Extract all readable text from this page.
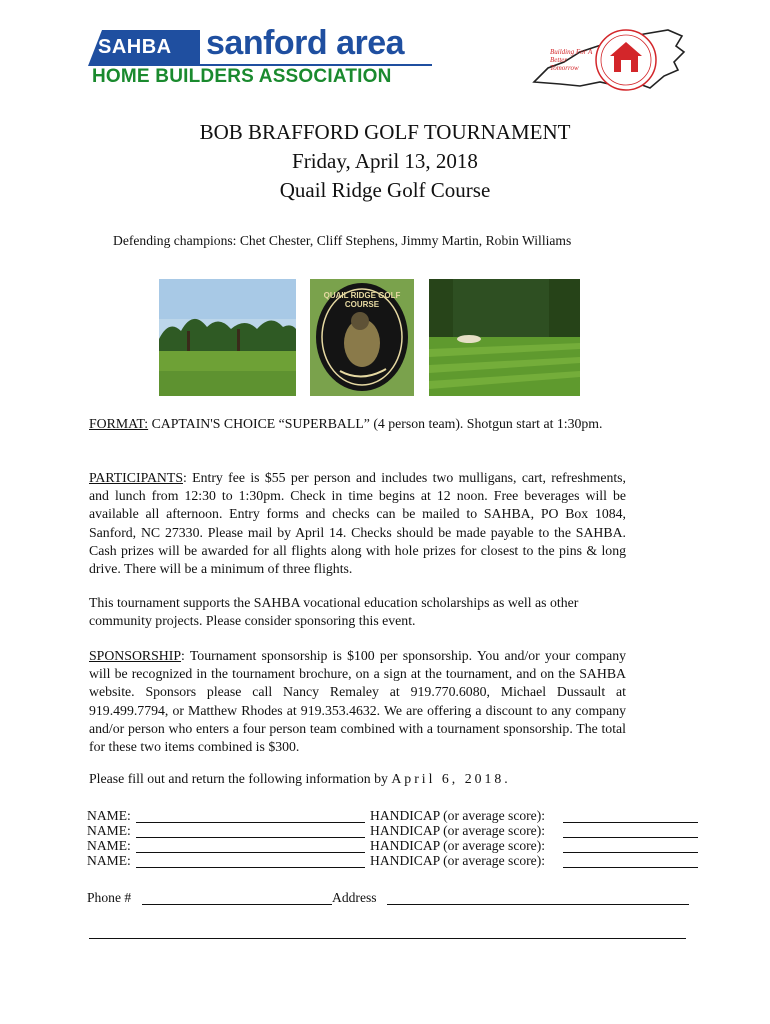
SAHBA sanford area
HOME BUILDERS ASSOCIATION
Building For A Better Tomorrow
BOB BRAFFORD GOLF TOURNAMENT
Friday, April 13, 2018
Quail Ridge Golf Course
Defending champions: Chet Chester, Cliff Stephens, Jimmy Martin, Robin Williams
QUAIL RIDGE GOLF COURSE
FORMAT: CAPTAIN'S CHOICE “SUPERBALL” (4 person team). Shotgun start at 1:30pm.
PARTICIPANTS: Entry fee is $55 per person and includes two mulligans, cart, refreshments, and lunch from 12:30 to 1:30pm. Check in time begins at 12 noon. Free beverages will be available all afternoon. Entry forms and checks can be mailed to SAHBA, PO Box 1084, Sanford, NC 27330. Please mail by April 14. Checks should be made payable to the SAHBA. Cash prizes will be awarded for all flights along with hole prizes for closest to the pins & long drive. There will be a minimum of three flights.
This tournament supports the SAHBA vocational education scholarships as well as other community projects. Please consider sponsoring this event.
SPONSORSHIP: Tournament sponsorship is $100 per sponsorship. You and/or your company will be recognized in the tournament brochure, on a sign at the tournament, and on the SAHBA website. Sponsors please call Nancy Remaley at 919.770.6080, Michael Dussault at 919.499.7794, or Matthew Rhodes at 919.353.4632. We are offering a discount to any company and/or person who enters a four person team combined with a tournament sponsorship. The total for these two items combined is $300.
Please fill out and return the following information by April 6, 2018.
NAME:	HANDICAP (or average score):
NAME:	HANDICAP (or average score):
NAME:	HANDICAP (or average score):
NAME:	HANDICAP (or average score):
Phone #	Address
